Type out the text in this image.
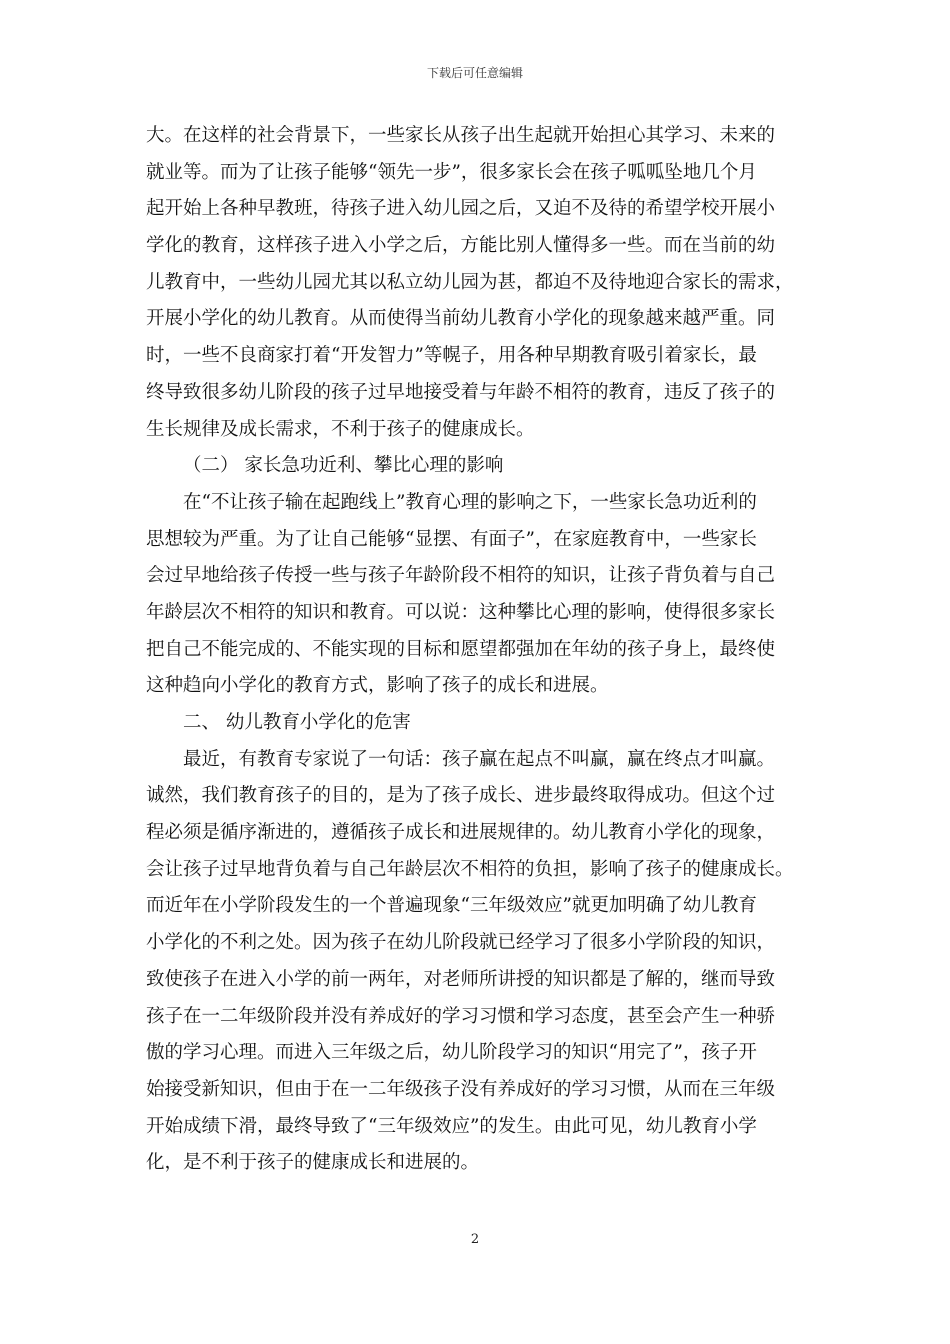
下载后可任意编辑
大。在这样的社会背景下，一些家长从孩子出生起就开始担心其学习、未来的
就业等。而为了让孩子能够“领先一步”，很多家长会在孩子呱呱坠地几个月
起开始上各种早教班，待孩子进入幼儿园之后，又迫不及待的希望学校开展小
学化的教育，这样孩子进入小学之后，方能比别人懂得多一些。而在当前的幼
儿教育中，一些幼儿园尤其以私立幼儿园为甚，都迫不及待地迎合家长的需求，
开展小学化的幼儿教育。从而使得当前幼儿教育小学化的现象越来越严重。同
时，一些不良商家打着“开发智力”等幌子，用各种早期教育吸引着家长，最
终导致很多幼儿阶段的孩子过早地接受着与年龄不相符的教育，违反了孩子的
生长规律及成长需求，不利于孩子的健康成长。
（二） 家长急功近利、攀比心理的影响
在“不让孩子输在起跑线上”教育心理的影响之下，一些家长急功近利的
思想较为严重。为了让自己能够“显摆、有面子”，在家庭教育中，一些家长
会过早地给孩子传授一些与孩子年龄阶段不相符的知识，让孩子背负着与自己
年龄层次不相符的知识和教育。可以说：这种攀比心理的影响，使得很多家长
把自己不能完成的、不能实现的目标和愿望都强加在年幼的孩子身上，最终使
这种趋向小学化的教育方式，影响了孩子的成长和进展。
二、 幼儿教育小学化的危害
最近，有教育专家说了一句话：孩子赢在起点不叫赢，赢在终点才叫赢。
诚然，我们教育孩子的目的，是为了孩子成长、进步最终取得成功。但这个过
程必须是循序渐进的，遵循孩子成长和进展规律的。幼儿教育小学化的现象，
会让孩子过早地背负着与自己年龄层次不相符的负担，影响了孩子的健康成长。
而近年在小学阶段发生的一个普遍现象“三年级效应”就更加明确了幼儿教育
小学化的不利之处。因为孩子在幼儿阶段就已经学习了很多小学阶段的知识，
致使孩子在进入小学的前一两年，对老师所讲授的知识都是了解的，继而导致
孩子在一二年级阶段并没有养成好的学习习惯和学习态度，甚至会产生一种骄
傲的学习心理。而进入三年级之后，幼儿阶段学习的知识“用完了”，孩子开
始接受新知识，但由于在一二年级孩子没有养成好的学习习惯，从而在三年级
开始成绩下滑，最终导致了“三年级效应”的发生。由此可见，幼儿教育小学
化，是不利于孩子的健康成长和进展的。
2
